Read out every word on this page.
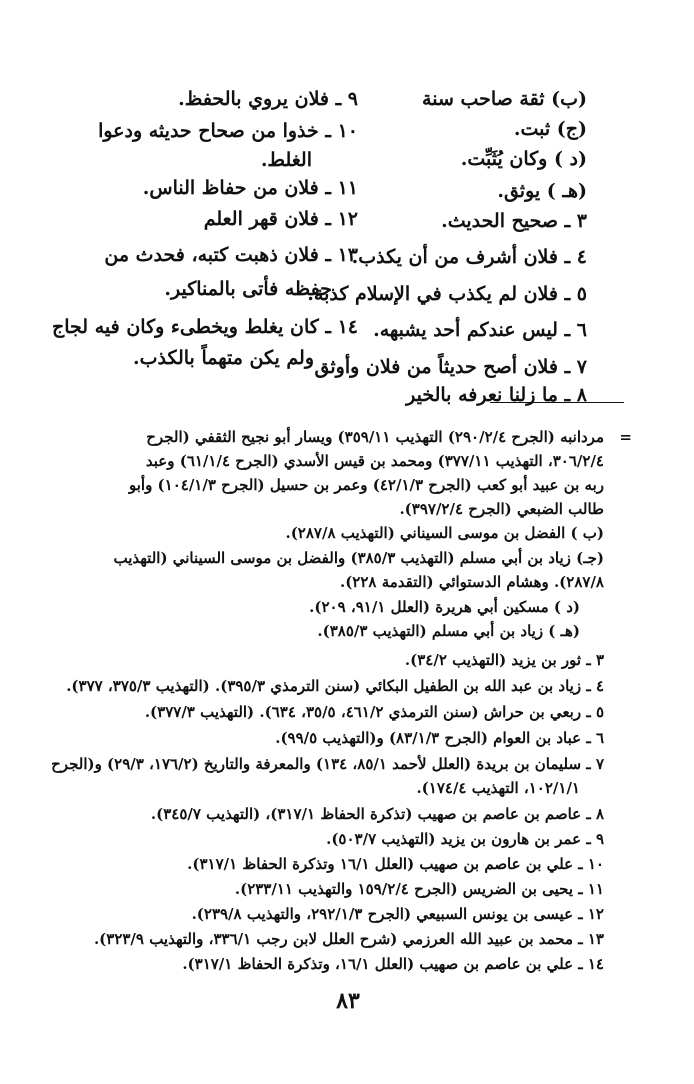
(ب) ثقة صاحب سنة
(ج) ثبت.
(د ) وكان يُثَبِّت.
(هـ ) يوثق.
٣ ـ صحيح الحديث.
٤ ـ فلان أشرف من أن يكذب.
٥ ـ فلان لم يكذب في الإسلام كذبة.
٦ ـ ليس عندكم أحد يشبهه.
٧ ـ فلان أصح حديثاً من فلان وأوثق
٨ ـ ما زلنا نعرفه بالخير
٩ ـ فلان يروي بالحفظ.
١٠ ـ خذوا من صحاح حديثه ودعوا
الغلط.
١١ ـ فلان من حفاظ الناس.
١٢ ـ فلان قهر العلم
١٣ ـ فلان ذهبت كتبه، فحدث من
حفظه فأتى بالمناكير.
١٤ ـ كان يغلط ويخطىء وكان فيه لجاج
ولم يكن متهماً بالكذب.
=
مردانبه (الجرح ٢٩٠/٢/٤) التهذيب ٣٥٩/١١) ويسار أبو نجيح الثقفي (الجرح
٣٠٦/٢/٤، التهذيب ٣٧٧/١١) ومحمد بن قيس الأسدي (الجرح ٦١/١/٤) وعبد
ربه بن عبيد أبو كعب (الجرح ٤٢/١/٣) وعمر بن حسيل (الجرح ١٠٤/١/٣) وأبو
طالب الضبعي (الجرح ٣٩٧/٢/٤).
(ب ) الفضل بن موسى السيناني (التهذيب ٢٨٧/٨).
(جـ) زياد بن أبي مسلم (التهذيب ٣٨٥/٣) والفضل بن موسى السيناني (التهذيب
٢٨٧/٨). وهشام الدستوائي (التقدمة ٢٢٨).
(د ) مسكين أبي هريرة (العلل ٩١/١، ٢٠٩).
(هـ ) زياد بن أبي مسلم (التهذيب ٣٨٥/٣).
٣ ـ ثور بن يزيد (التهذيب ٣٤/٢).
٤ ـ زياد بن عبد الله بن الطفيل البكائي (سنن الترمذي ٣٩٥/٣). (التهذيب ٣٧٥/٣، ٣٧٧).
٥ ـ ربعي بن حراش (سنن الترمذي ٤٦١/٢، ٣٥/٥، ٦٣٤). (التهذيب ٣٧٧/٣).
٦ ـ عباد بن العوام (الجرح ٨٣/١/٣) و(التهذيب ٩٩/٥).
٧ ـ سليمان بن بريدة (العلل لأحمد ٨٥/١، ١٣٤) والمعرفة والتاريخ (١٧٦/٢، ٢٩/٣) و(الجرح
١٠٢/١/١، التهذيب ١٧٤/٤).
٨ ـ عاصم بن عاصم بن صهيب (تذكرة الحفاظ ٣١٧/١)، (التهذيب ٣٤٥/٧).
٩ ـ عمر بن هارون بن يزيد (التهذيب ٥٠٣/٧).
١٠ ـ علي بن عاصم بن صهيب (العلل ١٦/١ وتذكرة الحفاظ ٣١٧/١).
١١ ـ يحيى بن الضريس (الجرح ١٥٩/٢/٤ والتهذيب ٢٣٣/١١).
١٢ ـ عيسى بن يونس السبيعي (الجرح ٢٩٢/١/٣، والتهذيب ٢٣٩/٨).
١٣ ـ محمد بن عبيد الله العرزمي (شرح العلل لابن رجب ٣٣٦/١، والتهذيب ٣٢٣/٩).
١٤ ـ علي بن عاصم بن صهيب (العلل ١٦/١، وتذكرة الحفاظ ٣١٧/١).
٨٣
